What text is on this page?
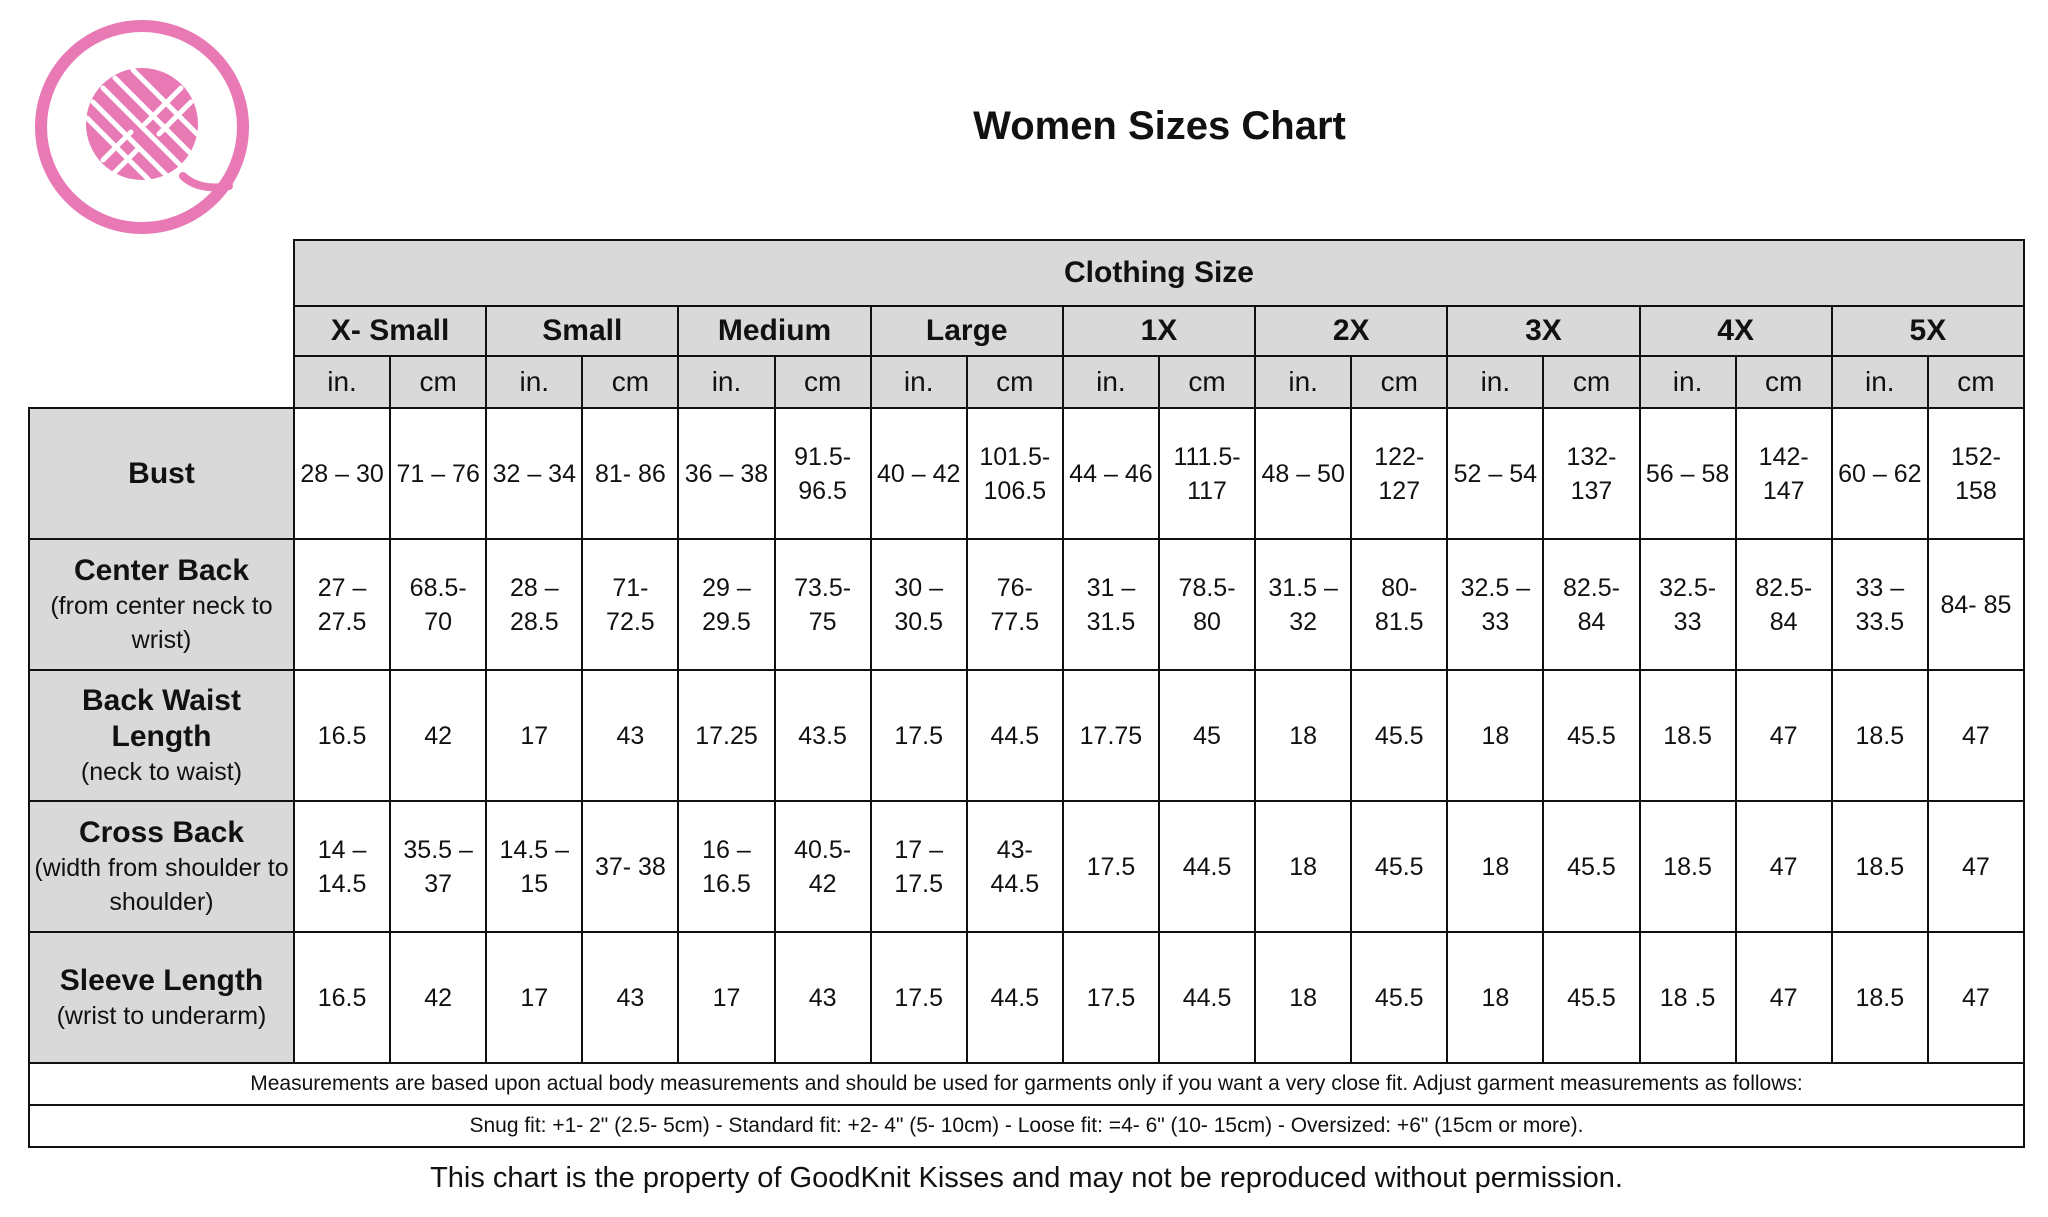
Women Sizes Chart
	Clothing Size																	
	X- Small		Small		Medium		Large		1X		2X		3X		4X		5X	
	in.	cm	in.	cm	in.	cm	in.	cm	in.	cm	in.	cm	in.	cm	in.	cm	in.	cm

Bust	28 – 30	71 – 76	32 – 34	81- 86	36 – 38	91.5- 96.5	40 – 42	101.5- 106.5	44 – 46	111.5- 117	48 – 50	122- 127	52 – 54	132- 137	56 – 58	142- 147	60 – 62	152- 158

Center Back
(from center neck to wrist)	27 – 27.5	68.5- 70	28 – 28.5	71- 72.5	29 – 29.5	73.5- 75	30 – 30.5	76- 77.5	31 – 31.5	78.5- 80	31.5 – 32	80- 81.5	32.5 – 33	82.5- 84	32.5- 33	82.5- 84	33 – 33.5	84- 85

Back Waist Length
(neck to waist)	16.5	42	17	43	17.25	43.5	17.5	44.5	17.75	45	18	45.5	18	45.5	18.5	47	18.5	47

Cross Back
(width from shoulder to shoulder)	14 – 14.5	35.5 – 37	14.5 – 15	37- 38	16 – 16.5	40.5- 42	17 – 17.5	43- 44.5	17.5	44.5	18	45.5	18	45.5	18.5	47	18.5	47

Sleeve Length
(wrist to underarm)	16.5	42	17	43	17	43	17.5	44.5	17.5	44.5	18	45.5	18	45.5	18 .5	47	18.5	47
Measurements are based upon actual body measurements and should be used for garments only if you want a very close fit. Adjust garment measurements as follows:																		
Snug fit: +1- 2" (2.5- 5cm) - Standard fit: +2- 4" (5- 10cm) - Loose fit: =4- 6" (10- 15cm) - Oversized: +6" (15cm or more).																		
This chart is the property of GoodKnit Kisses and may not be reproduced without permission.
